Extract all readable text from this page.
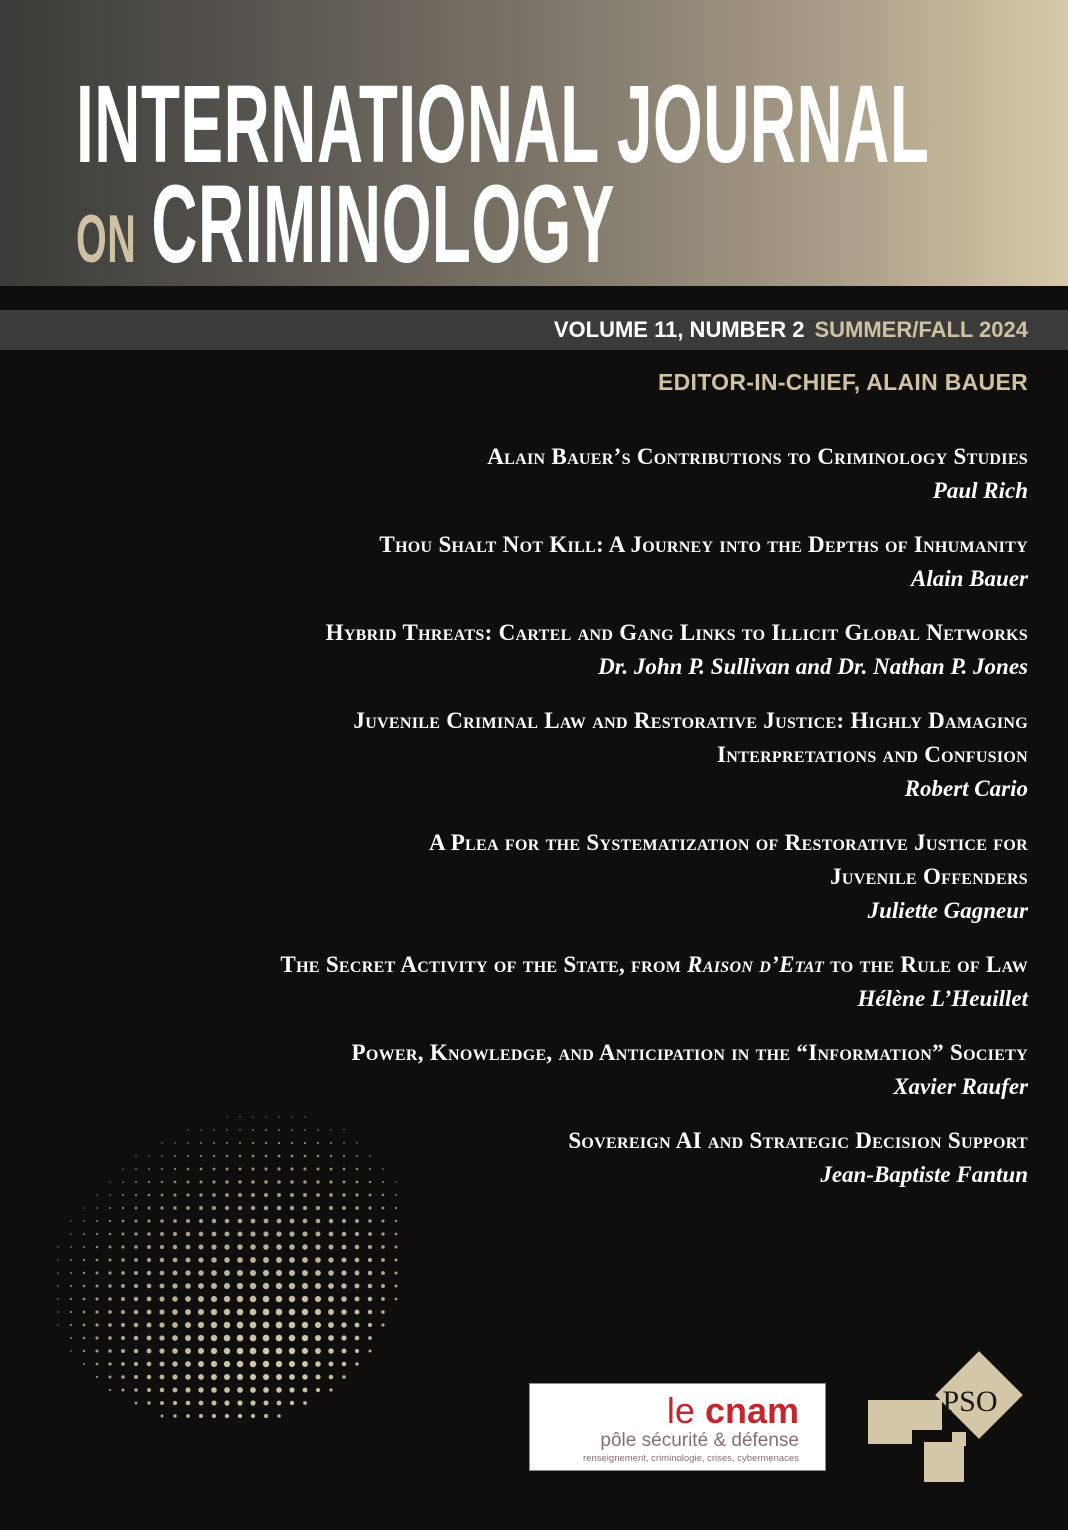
INTERNATIONAL JOURNAL
ON CRIMINOLOGY
VOLUME 11, NUMBER 2 SUMMER/FALL 2024
EDITOR-IN-CHIEF, ALAIN BAUER
Alain Bauer’s Contributions to Criminology Studies
Paul Rich
Thou Shalt Not Kill: A Journey into the Depths of Inhumanity
Alain Bauer
Hybrid Threats: Cartel and Gang Links to Illicit Global Networks
Dr. John P. Sullivan and Dr. Nathan P. Jones
Juvenile Criminal Law and Restorative Justice: Highly Damaging
Interpretations and Confusion
Robert Cario
A Plea for the Systematization of Restorative Justice for
Juvenile Offenders
Juliette Gagneur
The Secret Activity of the State, from Raison d’Etat to the Rule of Law
Hélène L’Heuillet
Power, Knowledge, and Anticipation in the “Information” Society
Xavier Raufer
Sovereign AI and Strategic Decision Support
Jean-Baptiste Fantun
le cnam
pôle sécurité & défense
renseignement, criminologie, crises, cybermenaces
PSO
